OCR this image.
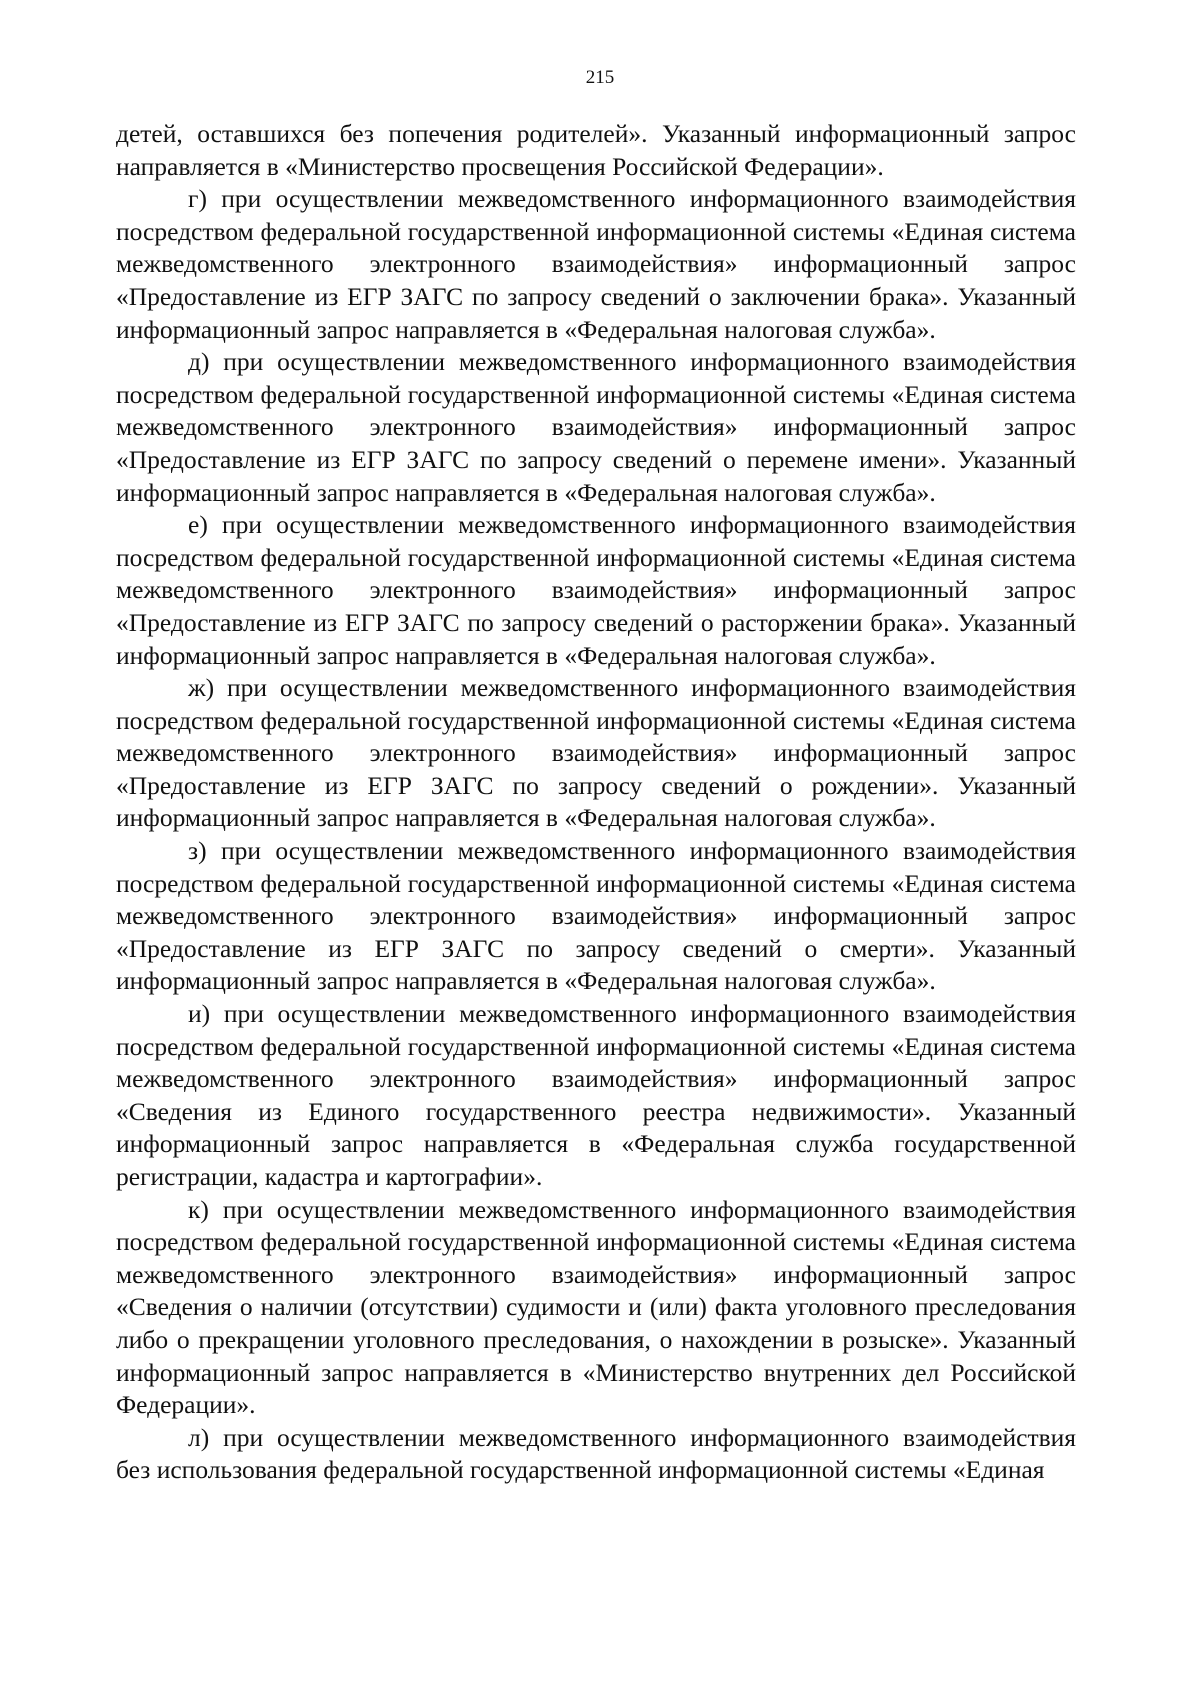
215

детей, оставшихся без попечения родителей». Указанный информационный запрос направляется в «Министерство просвещения Российской Федерации».

г) при осуществлении межведомственного информационного взаимодействия посредством федеральной государственной информационной системы «Единая система межведомственного электронного взаимодействия» информационный запрос «Предоставление из ЕГР ЗАГС по запросу сведений о заключении брака». Указанный информационный запрос направляется в «Федеральная налоговая служба».

д) при осуществлении межведомственного информационного взаимодействия посредством федеральной государственной информационной системы «Единая система межведомственного электронного взаимодействия» информационный запрос «Предоставление из ЕГР ЗАГС по запросу сведений о перемене имени». Указанный информационный запрос направляется в «Федеральная налоговая служба».

е) при осуществлении межведомственного информационного взаимодействия посредством федеральной государственной информационной системы «Единая система межведомственного электронного взаимодействия» информационный запрос «Предоставление из ЕГР ЗАГС по запросу сведений о расторжении брака». Указанный информационный запрос направляется в «Федеральная налоговая служба».

ж) при осуществлении межведомственного информационного взаимодействия посредством федеральной государственной информационной системы «Единая система межведомственного электронного взаимодействия» информационный запрос «Предоставление из ЕГР ЗАГС по запросу сведений о рождении». Указанный информационный запрос направляется в «Федеральная налоговая служба».

з) при осуществлении межведомственного информационного взаимодействия посредством федеральной государственной информационной системы «Единая система межведомственного электронного взаимодействия» информационный запрос «Предоставление из ЕГР ЗАГС по запросу сведений о смерти». Указанный информационный запрос направляется в «Федеральная налоговая служба».

и) при осуществлении межведомственного информационного взаимодействия посредством федеральной государственной информационной системы «Единая система межведомственного электронного взаимодействия» информационный запрос «Сведения из Единого государственного реестра недвижимости». Указанный информационный запрос направляется в «Федеральная служба государственной регистрации, кадастра и картографии».

к) при осуществлении межведомственного информационного взаимодействия посредством федеральной государственной информационной системы «Единая система межведомственного электронного взаимодействия» информационный запрос «Сведения о наличии (отсутствии) судимости и (или) факта уголовного преследования либо о прекращении уголовного преследования, о нахождении в розыске». Указанный информационный запрос направляется в «Министерство внутренних дел Российской Федерации».

л) при осуществлении межведомственного информационного взаимодействия без использования федеральной государственной информационной системы «Единая
